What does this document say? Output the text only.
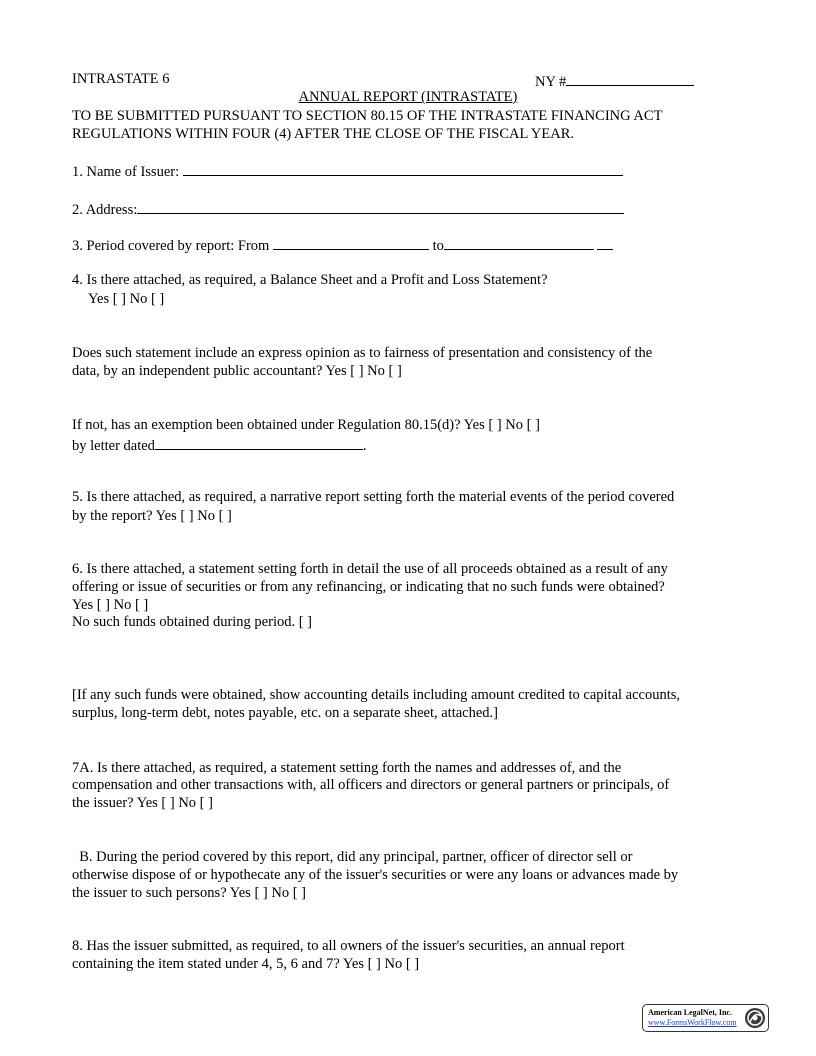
INTRASTATE 6	NY #
ANNUAL REPORT (INTRASTATE)
TO BE SUBMITTED PURSUANT TO SECTION 80.15 OF THE INTRASTATE FINANCING ACT
REGULATIONS WITHIN FOUR (4) AFTER THE CLOSE OF THE FISCAL YEAR.
1. Name of Issuer:
2. Address:
3. Period covered by report: From	to
4. Is there attached, as required, a Balance Sheet and a Profit and Loss Statement?
Yes [ ] No [ ]
Does such statement include an express opinion as to fairness of presentation and consistency of the
data, by an independent public accountant? Yes [ ] No [ ]
If not, has an exemption been obtained under Regulation 80.15(d)? Yes [ ] No [ ]
by letter dated	.
5. Is there attached, as required, a narrative report setting forth the material events of the period covered
by the report? Yes [ ] No [ ]
6. Is there attached, a statement setting forth in detail the use of all proceeds obtained as a result of any
offering or issue of securities or from any refinancing, or indicating that no such funds were obtained?
Yes [ ] No [ ]
No such funds obtained during period. [ ]
[If any such funds were obtained, show accounting details including amount credited to capital accounts,
surplus, long-term debt, notes payable, etc. on a separate sheet, attached.]
7A. Is there attached, as required, a statement setting forth the names and addresses of, and the
compensation and other transactions with, all officers and directors or general partners or principals, of
the issuer? Yes [ ] No [ ]
B. During the period covered by this report, did any principal, partner, officer of director sell or
otherwise dispose of or hypothecate any of the issuer's securities or were any loans or advances made by
the issuer to such persons? Yes [ ] No [ ]
8. Has the issuer submitted, as required, to all owners of the issuer's securities, an annual report
containing the item stated under 4, 5, 6 and 7? Yes [ ] No [ ]
American LegalNet, Inc.
www.FormsWorkFlow.com
